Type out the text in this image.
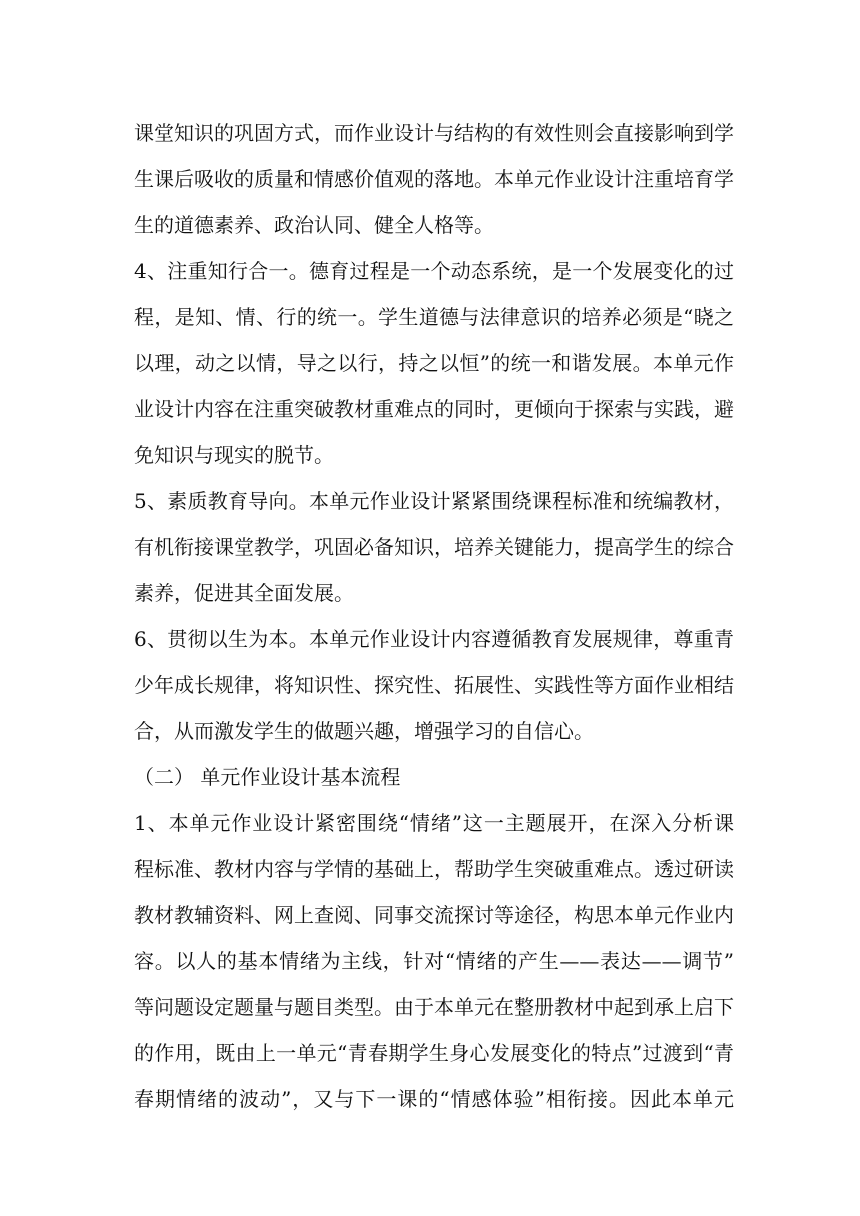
课堂知识的巩固方式，而作业设计与结构的有效性则会直接影响到学
生课后吸收的质量和情感价值观的落地。本单元作业设计注重培育学
生的道德素养、政治认同、健全人格等。
4、注重知行合一。德育过程是一个动态系统，是一个发展变化的过
程，是知、情、行的统一。学生道德与法律意识的培养必须是“晓之
以理，动之以情，导之以行，持之以恒”的统一和谐发展。本单元作
业设计内容在注重突破教材重难点的同时，更倾向于探索与实践，避
免知识与现实的脱节。
5、素质教育导向。本单元作业设计紧紧围绕课程标准和统编教材，
有机衔接课堂教学，巩固必备知识，培养关键能力，提高学生的综合
素养，促进其全面发展。
6、贯彻以生为本。本单元作业设计内容遵循教育发展规律，尊重青
少年成长规律，将知识性、探究性、拓展性、实践性等方面作业相结
合，从而激发学生的做题兴趣，增强学习的自信心。
（二） 单元作业设计基本流程
1、本单元作业设计紧密围绕“情绪”这一主题展开，在深入分析课
程标准、教材内容与学情的基础上，帮助学生突破重难点。透过研读
教材教辅资料、网上查阅、同事交流探讨等途径，构思本单元作业内
容。以人的基本情绪为主线，针对“情绪的产生——表达——调节”
等问题设定题量与题目类型。由于本单元在整册教材中起到承上启下
的作用，既由上一单元“青春期学生身心发展变化的特点”过渡到“青
春期情绪的波动”，又与下一课的“情感体验”相衔接。因此本单元
